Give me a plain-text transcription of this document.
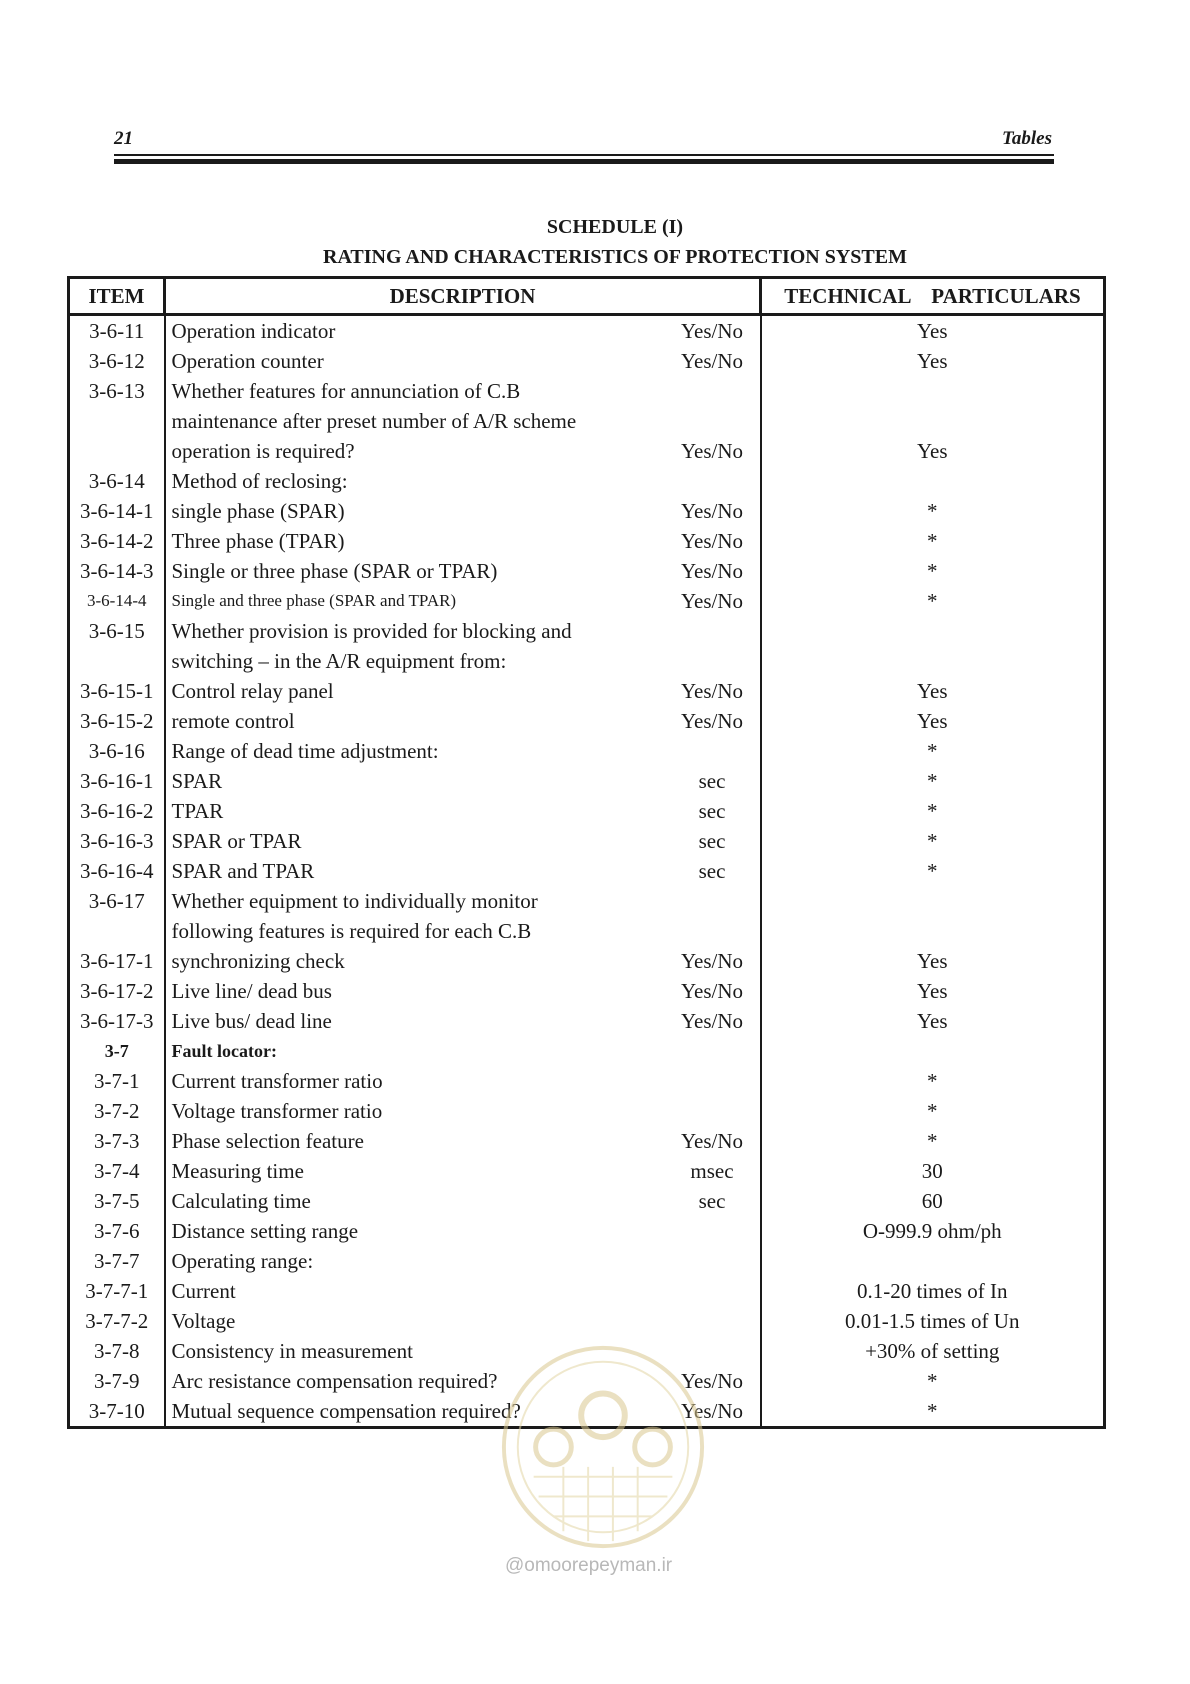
21	Tables
SCHEDULE (I)
RATING AND CHARACTERISTICS OF PROTECTION SYSTEM
ITEM	DESCRIPTION		TECHNICAL    PARTICULARS
3-6-11	Operation indicator	Yes/No	Yes
3-6-12	Operation counter	Yes/No	Yes
3-6-13	Whether features for annunciation of C.B		
	maintenance after preset number of A/R scheme		
	operation is required?	Yes/No	Yes
3-6-14	Method of reclosing:		
3-6-14-1	single phase (SPAR)	Yes/No	*
3-6-14-2	Three phase (TPAR)	Yes/No	*
3-6-14-3	Single or three phase (SPAR or TPAR)	Yes/No	*
3-6-14-4	Single and three phase (SPAR and TPAR)	Yes/No	*
3-6-15	Whether provision is provided for blocking and		
	switching – in the A/R equipment from:		
3-6-15-1	Control relay panel	Yes/No	Yes
3-6-15-2	remote control	Yes/No	Yes
3-6-16	Range of dead time adjustment:		*
3-6-16-1	SPAR	sec	*
3-6-16-2	TPAR	sec	*
3-6-16-3	SPAR or TPAR	sec	*
3-6-16-4	SPAR and TPAR	sec	*
3-6-17	Whether equipment to individually monitor		
	following features is required for each C.B		
3-6-17-1	synchronizing check	Yes/No	Yes
3-6-17-2	Live line/ dead bus	Yes/No	Yes
3-6-17-3	Live bus/ dead line	Yes/No	Yes
3-7	Fault locator:		
3-7-1	Current transformer ratio		*
3-7-2	Voltage transformer ratio		*
3-7-3	Phase selection feature	Yes/No	*
3-7-4	Measuring time	msec	30
3-7-5	Calculating time	sec	60
3-7-6	Distance setting range		O-999.9 ohm/ph
3-7-7	Operating range:		
3-7-7-1	Current		0.1-20 times of In
3-7-7-2	Voltage		0.01-1.5 times of Un
3-7-8	Consistency in measurement		+30% of setting
3-7-9	Arc resistance compensation required?	Yes/No	*
3-7-10	Mutual sequence compensation required?	Yes/No	*
@omoorepeyman.ir
